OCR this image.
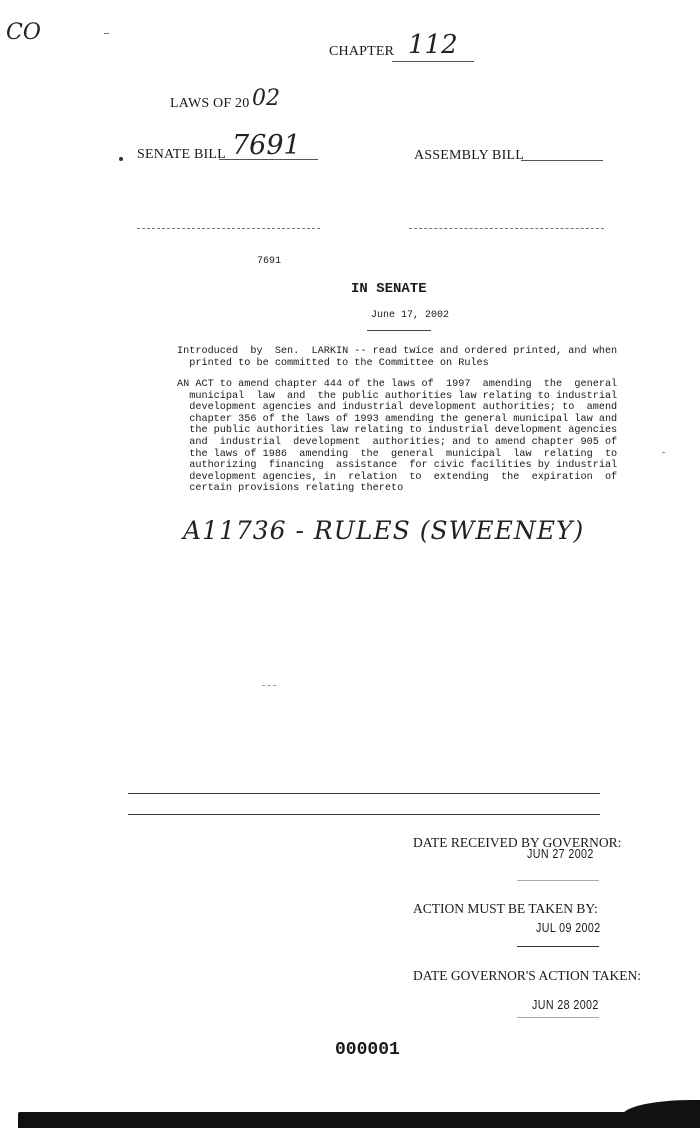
CO
CHAPTER 112
LAWS OF 20 02
SENATE BILL 7691	ASSEMBLY BILL
7691
IN SENATE
June 17, 2002
Introduced  by  Sen.  LARKIN -- read twice and ordered printed, and when
printed to be committed to the Committee on Rules
AN ACT to amend chapter 444 of the laws of  1997  amending  the  general
municipal  law  and  the public authorities law relating to industrial
development agencies and industrial development authorities; to  amend
chapter 356 of the laws of 1993 amending the general municipal law and
the public authorities law relating to industrial development agencies
and  industrial  development  authorities; and to amend chapter 905 of
the laws of 1986  amending  the  general  municipal  law  relating  to
authorizing  financing  assistance  for civic facilities by industrial
development agencies, in  relation  to  extending  the  expiration  of
certain provisions relating thereto
A11736 - RULES (SWEENEY)
DATE RECEIVED BY GOVERNOR:
JUN 27 2002
ACTION MUST BE TAKEN BY:
JUL 09 2002
DATE GOVERNOR'S ACTION TAKEN:
JUN 28 2002
000001
